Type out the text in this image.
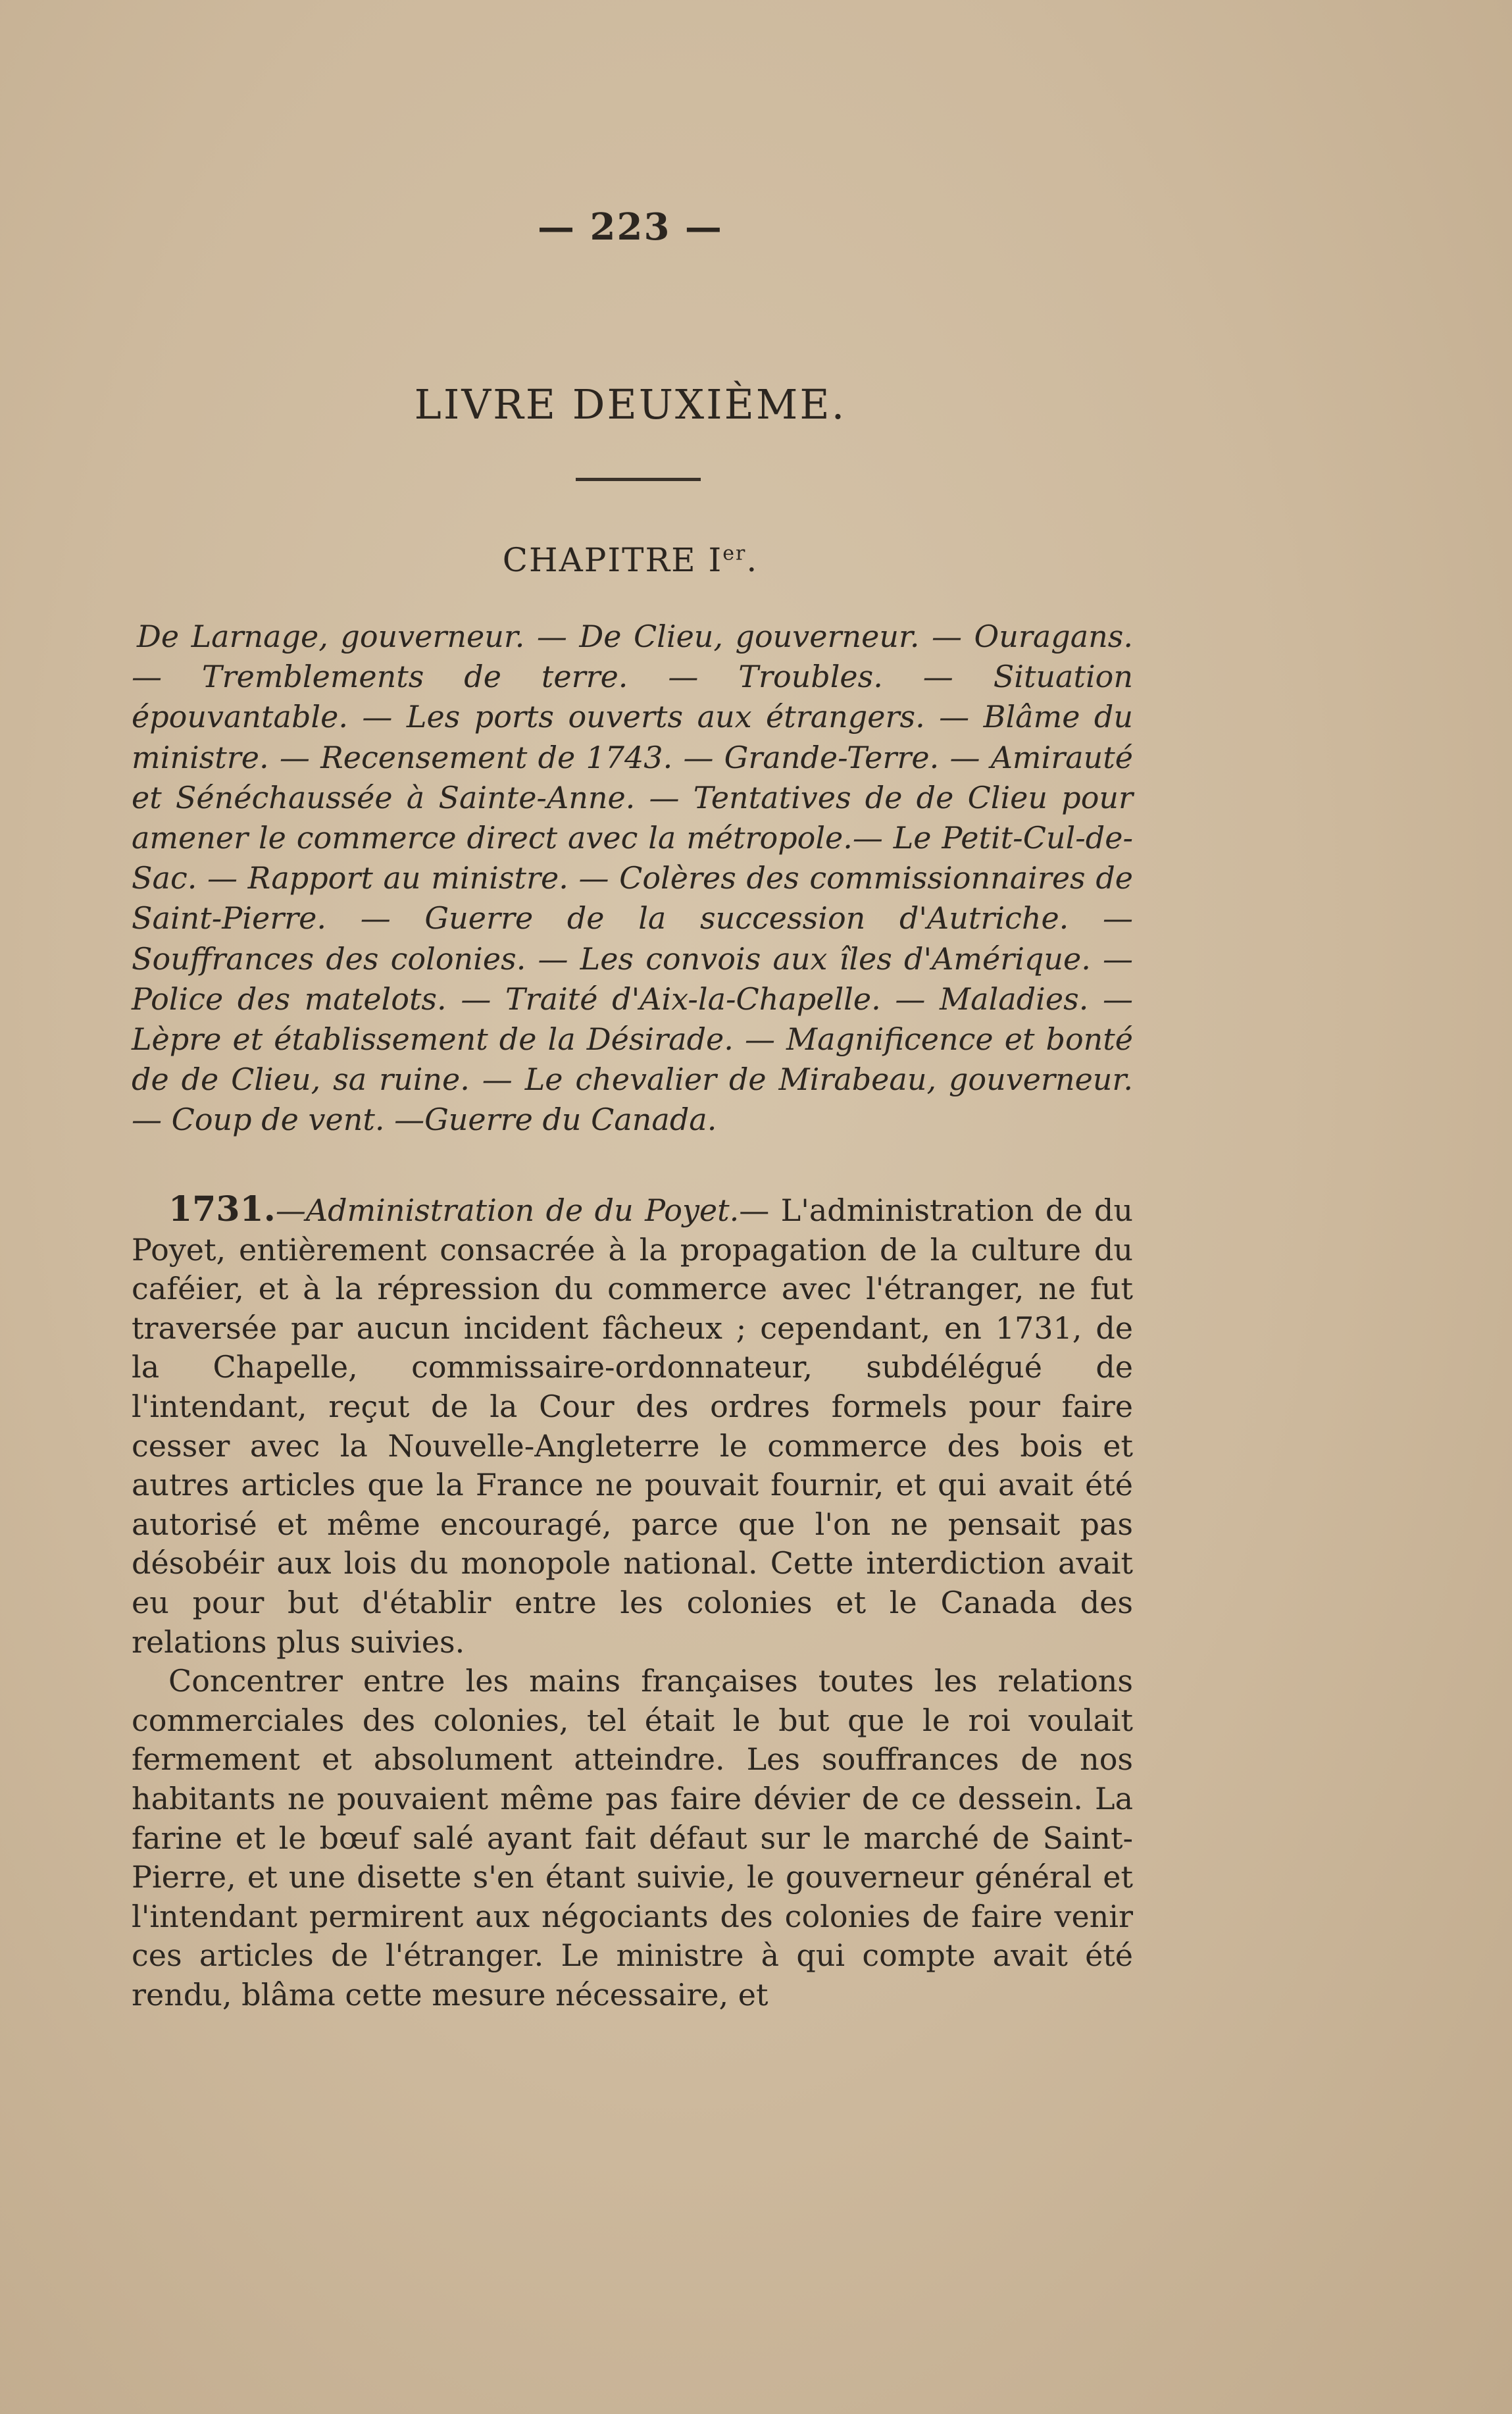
— 223 —
LIVRE DEUXIÈME.
CHAPITRE Ier.
De Larnage, gouverneur. — De Clieu, gouverneur. — Ouragans. — Tremblements de terre. — Troubles. — Situation épouvantable. — Les ports ouverts aux étrangers. — Blâme du ministre. — Recensement de 1743. — Grande-Terre. — Amirauté et Sénéchaussée à Sainte-Anne. — Tentatives de de Clieu pour amener le commerce direct avec la métropole.— Le Petit-Cul-de-Sac. — Rapport au ministre. — Colères des commissionnaires de Saint-Pierre. — Guerre de la succession d'Autriche. — Souffrances des colonies. — Les convois aux îles d'Amérique. — Police des matelots. — Traité d'Aix-la-Chapelle. — Maladies. — Lèpre et établissement de la Désirade. — Magnificence et bonté de de Clieu, sa ruine. — Le chevalier de Mirabeau, gouverneur. — Coup de vent. —Guerre du Canada.

1731.—Administration de du Poyet.— L'administration de du Poyet, entièrement consacrée à la propagation de la culture du caféier, et à la répression du commerce avec l'étranger, ne fut traversée par aucun incident fâcheux ; cependant, en 1731, de la Chapelle, commissaire-ordonnateur, subdélégué de l'intendant, reçut de la Cour des ordres formels pour faire cesser avec la Nouvelle-Angleterre le commerce des bois et autres articles que la France ne pouvait fournir, et qui avait été autorisé et même encouragé, parce que l'on ne pensait pas désobéir aux lois du monopole national. Cette interdiction avait eu pour but d'établir entre les colonies et le Canada des relations plus suivies.

Concentrer entre les mains françaises toutes les relations commerciales des colonies, tel était le but que le roi voulait fermement et absolument atteindre. Les souffrances de nos habitants ne pouvaient même pas faire dévier de ce dessein. La farine et le bœuf salé ayant fait défaut sur le marché de Saint-Pierre, et une disette s'en étant suivie, le gouverneur général et l'intendant permirent aux négociants des colonies de faire venir ces articles de l'étranger. Le ministre à qui compte avait été rendu, blâma cette mesure nécessaire, et
